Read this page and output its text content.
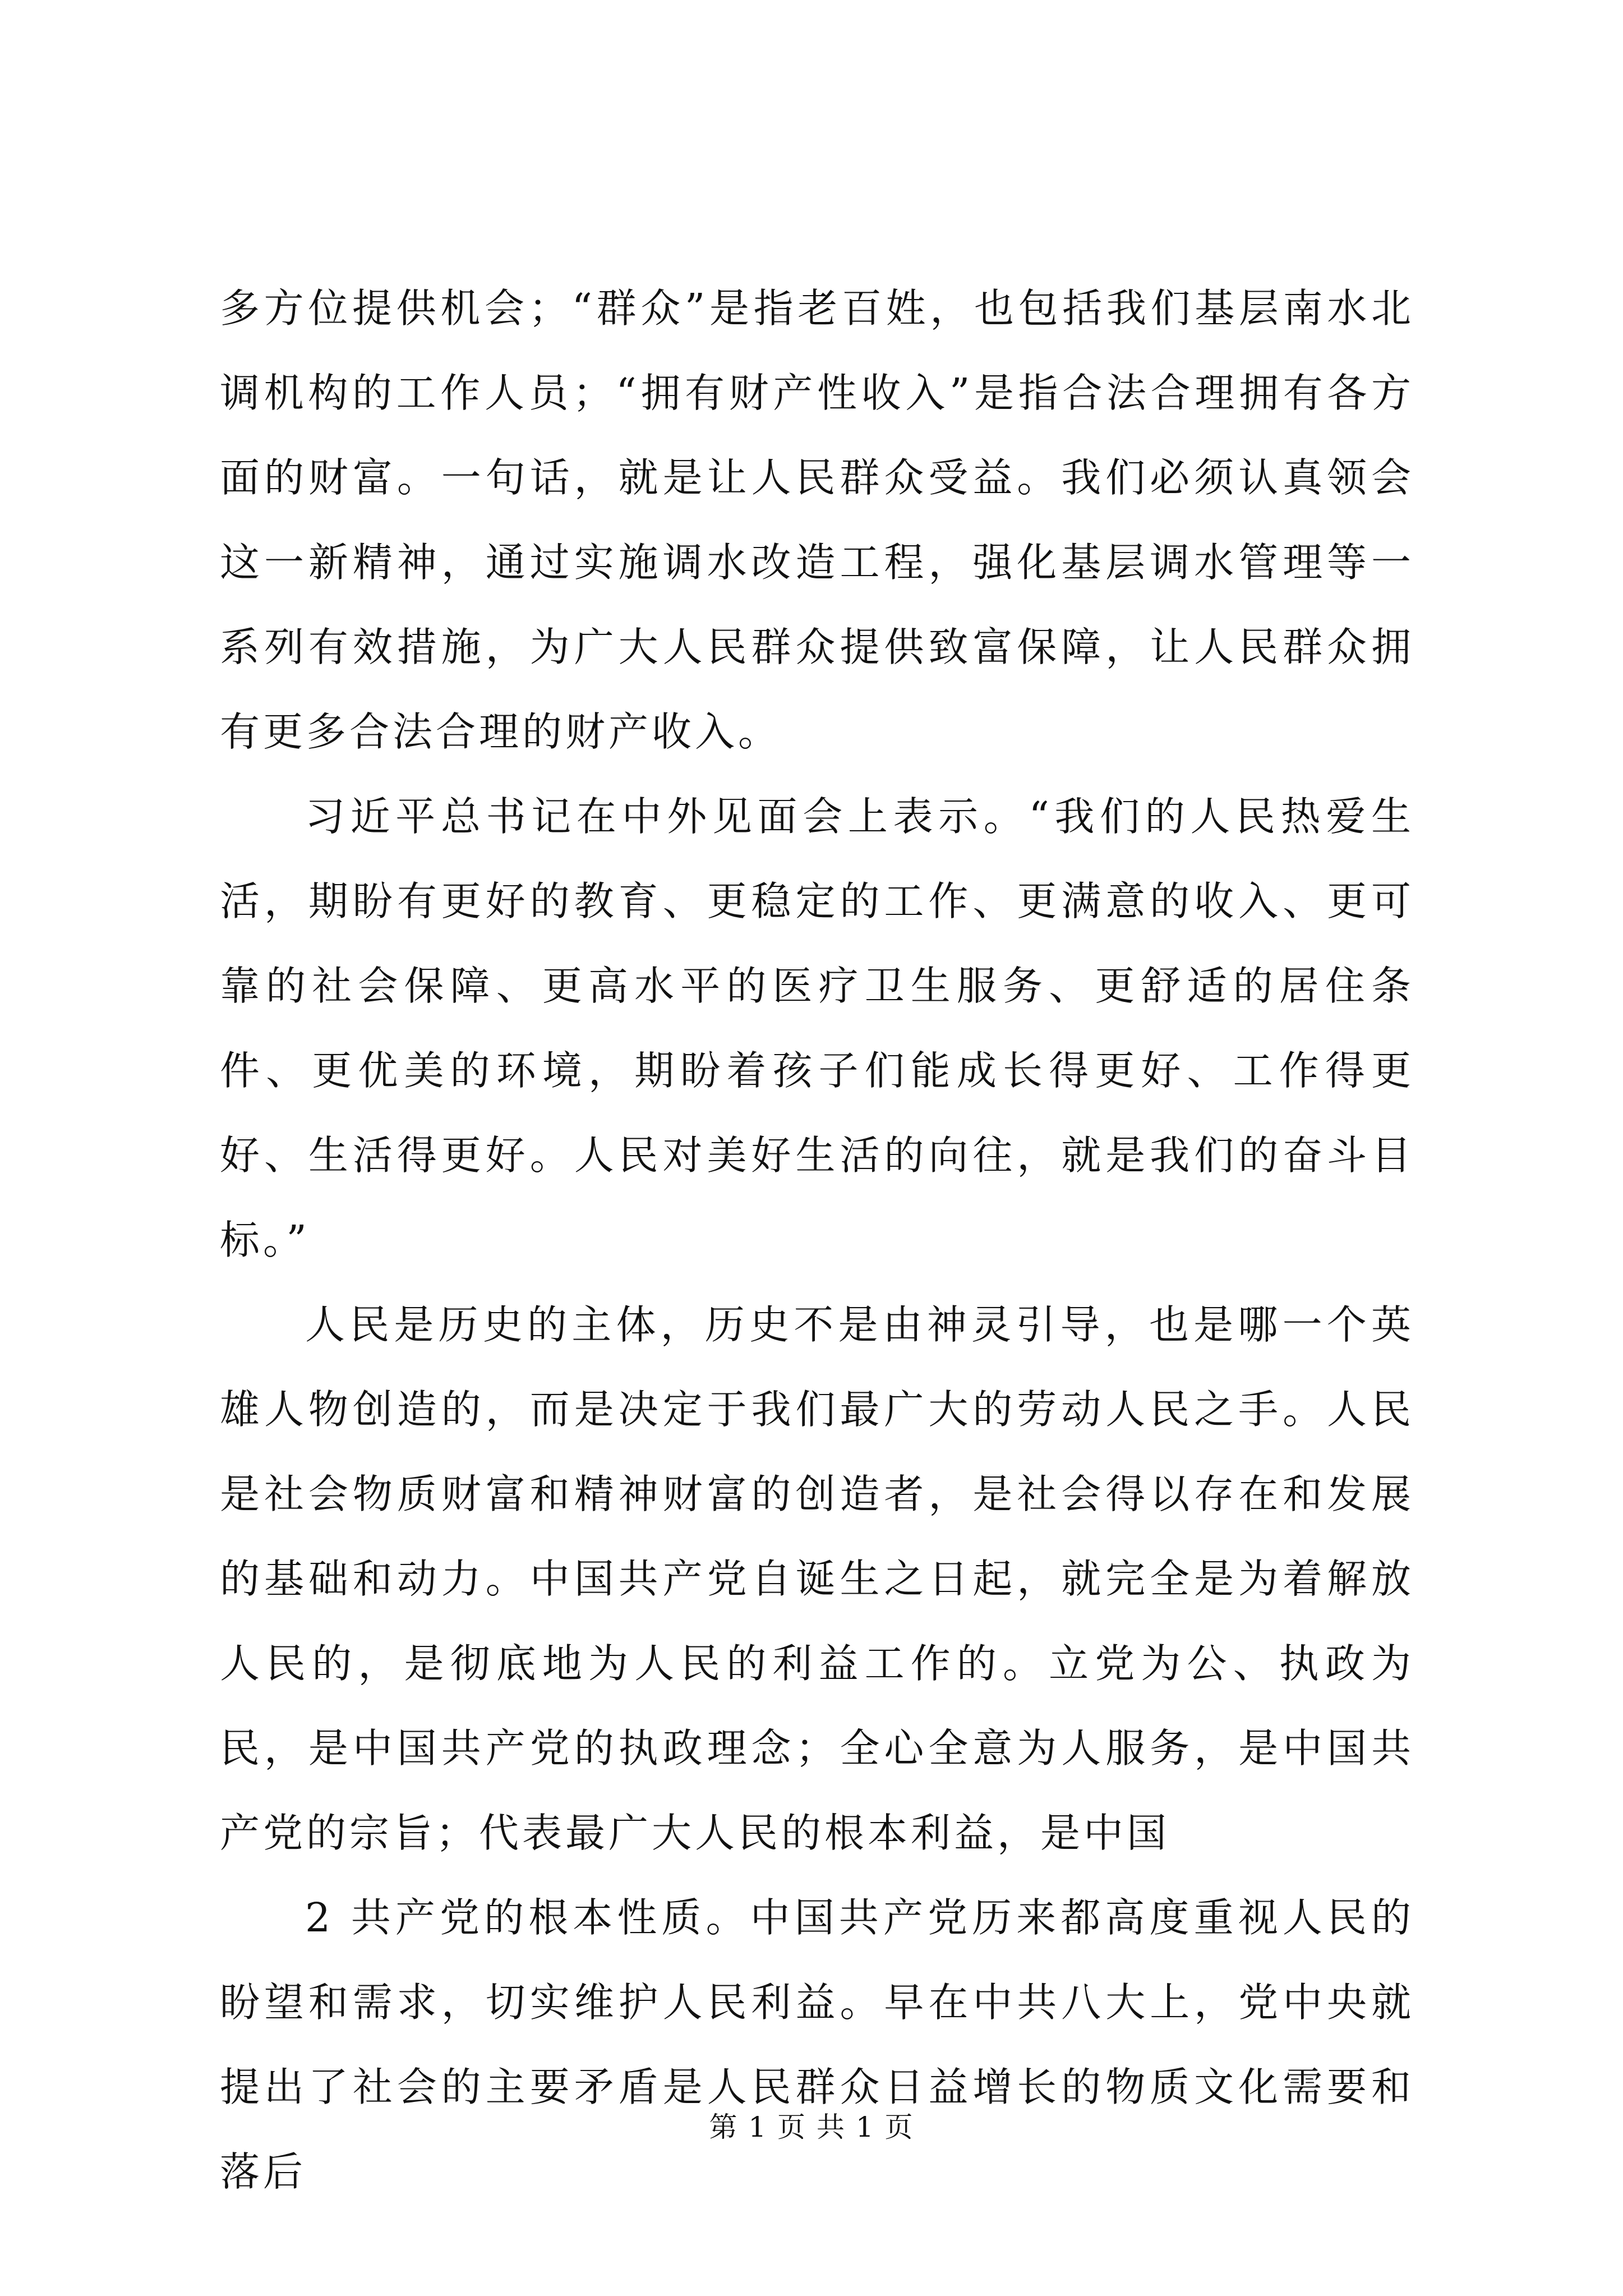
多方位提供机会；“群众”是指老百姓，也包括我们基层南水北调机构的工作人员；“拥有财产性收入”是指合法合理拥有各方面的财富。一句话，就是让人民群众受益。我们必须认真领会这一新精神，通过实施调水改造工程，强化基层调水管理等一系列有效措施，为广大人民群众提供致富保障，让人民群众拥有更多合法合理的财产收入。

习近平总书记在中外见面会上表示。“我们的人民热爱生活，期盼有更好的教育、更稳定的工作、更满意的收入、更可靠的社会保障、更高水平的医疗卫生服务、更舒适的居住条件、更优美的环境，期盼着孩子们能成长得更好、工作得更好、生活得更好。人民对美好生活的向往，就是我们的奋斗目标。”

人民是历史的主体，历史不是由神灵引导，也是哪一个英雄人物创造的，而是决定于我们最广大的劳动人民之手。人民是社会物质财富和精神财富的创造者，是社会得以存在和发展的基础和动力。中国共产党自诞生之日起，就完全是为着解放人民的，是彻底地为人民的利益工作的。立党为公、执政为民，是中国共产党的执政理念；全心全意为人服务，是中国共产党的宗旨；代表最广大人民的根本利益，是中国

2 共产党的根本性质。中国共产党历来都高度重视人民的盼望和需求，切实维护人民利益。早在中共八大上，党中央就提出了社会的主要矛盾是人民群众日益增长的物质文化需要和落后

第 1 页 共 1 页
